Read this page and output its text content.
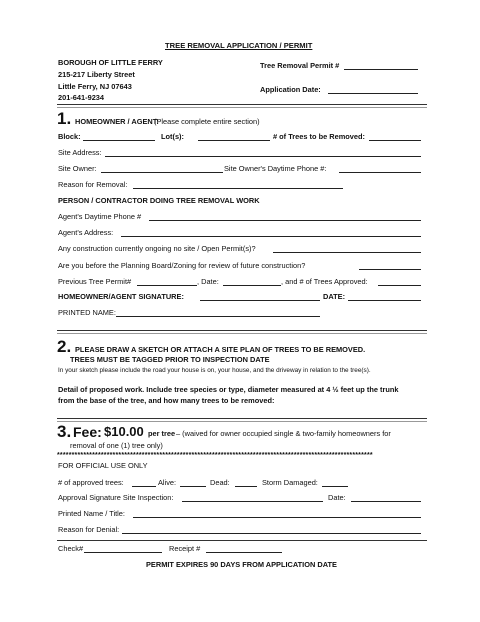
TREE REMOVAL APPLICATION / PERMIT
BOROUGH OF LITTLE FERRY
215-217 Liberty Street
Little Ferry, NJ 07643
201-641-9234
Tree Removal Permit #
Application Date:
1. HOMEOWNER / AGENT:
(Please complete entire section)
Block:	Lot(s):	# of Trees to be Removed:
Site Address:
Site Owner:	Site Owner's Daytime Phone #:
Reason for Removal:
PERSON / CONTRACTOR DOING TREE REMOVAL WORK
Agent's Daytime Phone #
Agent's Address:
Any construction currently ongoing no site / Open Permit(s)?
Are you before the Planning Board/Zoning for review of future construction?
Previous Tree Permit#	, Date:	, and # of Trees Approved:
HOMEOWNER/AGENT SIGNATURE:	DATE:
PRINTED NAME:
2. PLEASE DRAW A SKETCH OR ATTACH A SITE PLAN OF TREES TO BE REMOVED.
TREES MUST BE TAGGED PRIOR TO INSPECTION DATE
In your sketch please include the road your house is on, your house, and the driveway in relation to the tree(s).
Detail of proposed work. Include tree species or type, diameter measured at 4 ½ feet up the trunk
from the base of the tree, and how many trees to be removed:
3. Fee: $10.00 per tree – (waived for owner occupied single & two-family homeowners for
removal of one (1) tree only)
************************************************************************************************************
FOR OFFICIAL USE ONLY
# of approved trees:	Alive:	Dead:	Storm Damaged:
Approval Signature Site Inspection:	Date:
Printed Name / Title:
Reason for Denial:
Check#	Receipt #
PERMIT EXPIRES 90 DAYS FROM APPLICATION DATE
